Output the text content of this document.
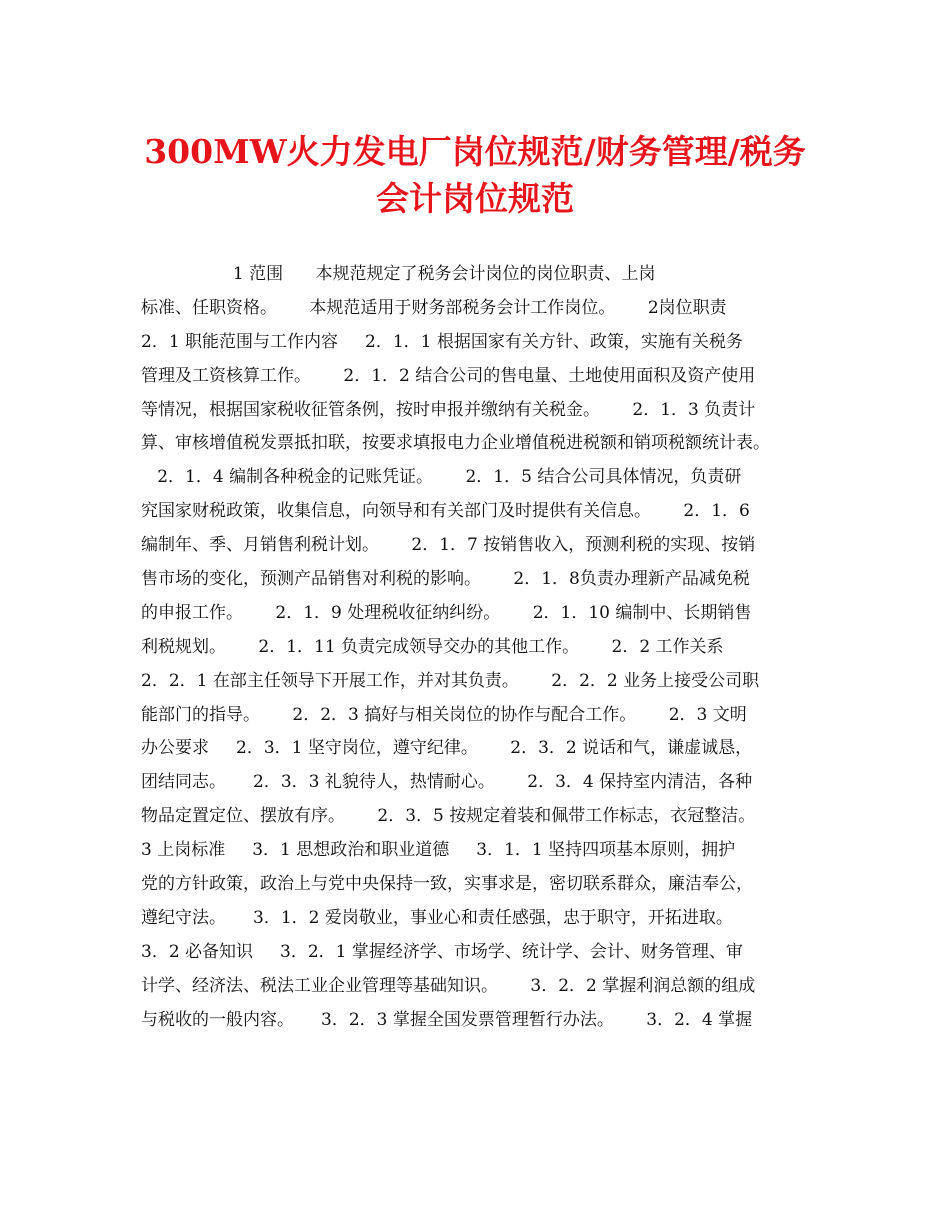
300MW火力发电厂岗位规范/财务管理/税务
会计岗位规范
1 范围      本规范规定了税务会计岗位的岗位职责、上岗
标准、任职资格。      本规范适用于财务部税务会计工作岗位。      2岗位职责
2．1 职能范围与工作内容     2．1．1 根据国家有关方针、政策，实施有关税务
管理及工资核算工作。      2．1．2 结合公司的售电量、土地使用面积及资产使用
等情况，根据国家税收征管条例，按时申报并缴纳有关税金。      2．1．3 负责计
算、审核增值税发票抵扣联，按要求填报电力企业增值税进税额和销项税额统计表。
2．1．4 编制各种税金的记账凭证。      2．1．5 结合公司具体情况，负责研
究国家财税政策，收集信息，向领导和有关部门及时提供有关信息。      2．1．6
编制年、季、月销售利税计划。      2．1．7 按销售收入，预测利税的实现、按销
售市场的变化，预测产品销售对利税的影响。      2．1．8负责办理新产品减免税
的申报工作。      2．1．9 处理税收征纳纠纷。      2．1．10 编制中、长期销售
利税规划。      2．1．11 负责完成领导交办的其他工作。      2．2 工作关系
2．2．1 在部主任领导下开展工作，并对其负责。      2．2．2 业务上接受公司职
能部门的指导。      2．2．3 搞好与相关岗位的协作与配合工作。      2．3 文明
办公要求     2．3．1 坚守岗位，遵守纪律。      2．3．2 说话和气，谦虚诚恳，
团结同志。     2．3．3 礼貌待人，热情耐心。      2．3．4 保持室内清洁，各种
物品定置定位、摆放有序。      2．3．5 按规定着装和佩带工作标志，衣冠整洁。
3 上岗标准     3．1 思想政治和职业道德     3．1．1 坚持四项基本原则，拥护
党的方针政策，政治上与党中央保持一致，实事求是，密切联系群众，廉洁奉公，
遵纪守法。     3．1．2 爱岗敬业，事业心和责任感强，忠于职守，开拓进取。
3．2 必备知识     3．2．1 掌握经济学、市场学、统计学、会计、财务管理、审
计学、经济法、税法工业企业管理等基础知识。      3．2．2 掌握利润总额的组成
与税收的一般内容。     3．2．3 掌握全国发票管理暂行办法。      3．2．4 掌握
